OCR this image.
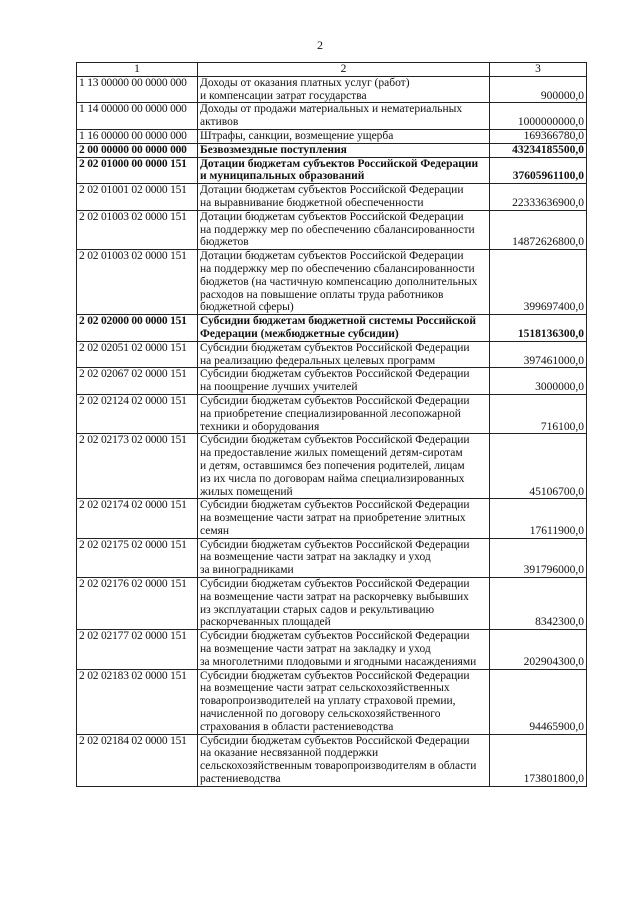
2
1	2	3
1 13 00000 00 0000 000	Доходы от оказания платных услуг (работ)
и компенсации затрат государства	900000,0
1 14 00000 00 0000 000	Доходы от продажи материальных и нематериальных
активов	1000000000,0
1 16 00000 00 0000 000	Штрафы, санкции, возмещение ущерба	169366780,0
2 00 00000 00 0000 000	Безвозмездные поступления	43234185500,0
2 02 01000 00 0000 151	Дотации бюджетам субъектов Российской Федерации
и муниципальных образований	37605961100,0
2 02 01001 02 0000 151	Дотации бюджетам субъектов Российской Федерации
на выравнивание бюджетной обеспеченности	22333636900,0
2 02 01003 02 0000 151	Дотации бюджетам субъектов Российской Федерации
на поддержку мер по обеспечению сбалансированности
бюджетов	14872626800,0
2 02 01003 02 0000 151	Дотации бюджетам субъектов Российской Федерации
на поддержку мер по обеспечению сбалансированности
бюджетов (на частичную компенсацию дополнительных
расходов на повышение оплаты труда работников
бюджетной сферы)	399697400,0
2 02 02000 00 0000 151	Субсидии бюджетам бюджетной системы Российской
Федерации (межбюджетные субсидии)	1518136300,0
2 02 02051 02 0000 151	Субсидии бюджетам субъектов Российской Федерации
на реализацию федеральных целевых программ	397461000,0
2 02 02067 02 0000 151	Субсидии бюджетам субъектов Российской Федерации
на поощрение лучших учителей	3000000,0
2 02 02124 02 0000 151	Субсидии бюджетам субъектов Российской Федерации
на приобретение специализированной лесопожарной
техники и оборудования	716100,0
2 02 02173 02 0000 151	Субсидии бюджетам субъектов Российской Федерации
на предоставление жилых помещений детям-сиротам
и детям, оставшимся без попечения родителей, лицам
из их числа по договорам найма специализированных
жилых помещений	45106700,0
2 02 02174 02 0000 151	Субсидии бюджетам субъектов Российской Федерации
на возмещение части затрат на приобретение элитных
семян	17611900,0
2 02 02175 02 0000 151	Субсидии бюджетам субъектов Российской Федерации
на возмещение части затрат на закладку и уход
за виноградниками	391796000,0
2 02 02176 02 0000 151	Субсидии бюджетам субъектов Российской Федерации
на возмещение части затрат на раскорчевку выбывших
из эксплуатации старых садов и рекультивацию
раскорчеванных площадей	8342300,0
2 02 02177 02 0000 151	Субсидии бюджетам субъектов Российской Федерации
на возмещение части затрат на закладку и уход
за многолетними плодовыми и ягодными насаждениями	202904300,0
2 02 02183 02 0000 151	Субсидии бюджетам субъектов Российской Федерации
на возмещение части затрат сельскохозяйственных
товаропроизводителей на уплату страховой премии,
начисленной по договору сельскохозяйственного
страхования в области растениеводства	94465900,0
2 02 02184 02 0000 151	Субсидии бюджетам субъектов Российской Федерации
на оказание несвязанной поддержки
сельскохозяйственным товаропроизводителям в области
растениеводства	173801800,0
